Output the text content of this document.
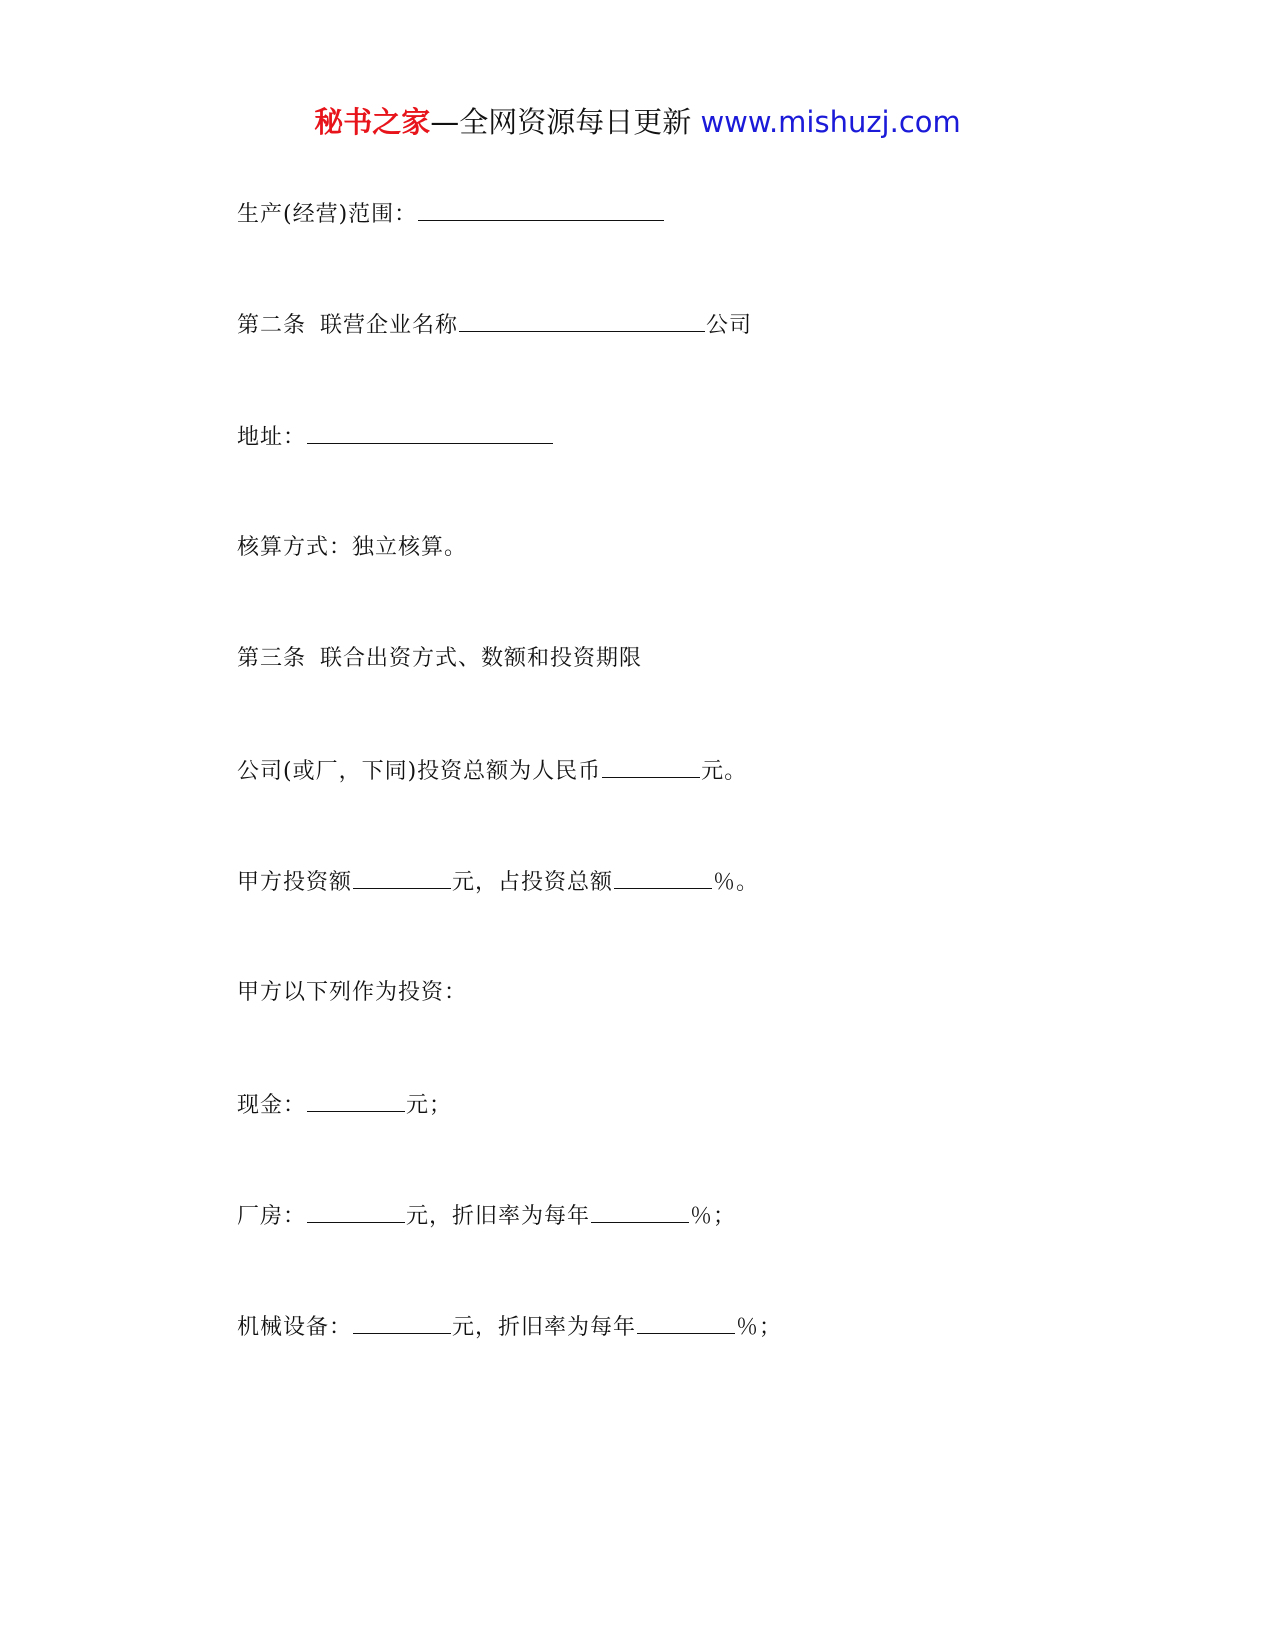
秘书之家—全网资源每日更新 www.mishuzj.com
生产(经营)范围：
第二条 联营企业名称	公司
地址：
核算方式：独立核算。
第三条 联合出资方式、数额和投资期限
公司(或厂，下同)投资总额为人民币	元。
甲方投资额	元，占投资总额	％。
甲方以下列作为投资：
现金：	元；
厂房：	元，折旧率为每年	％；
机械设备：	元，折旧率为每年	％；
